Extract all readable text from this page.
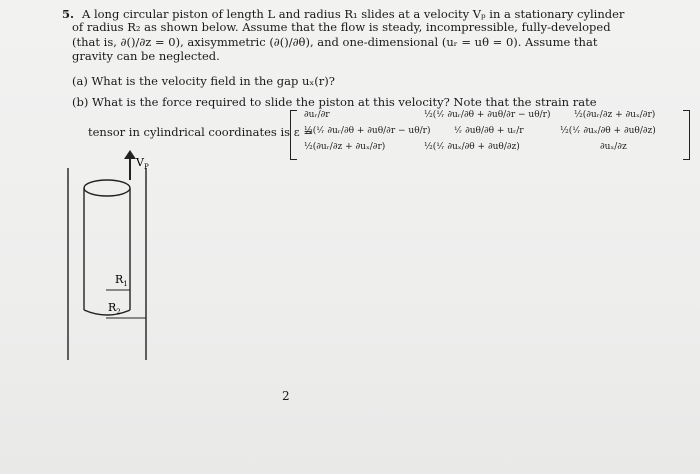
5. A long circular piston of length L and radius R₁ slides at a velocity Vₚ in a stationary cylinder
of radius R₂ as shown below. Assume that the flow is steady, incompressible, fully-developed
(that is, ∂()/∂z = 0), axisymmetric (∂()/∂θ), and one-dimensional (uᵣ = uθ = 0). Assume that
gravity can be neglected.
(a) What is the velocity field in the gap uₓ(r)?
(b) What is the force required to slide the piston at this velocity? Note that the strain rate
tensor in cylindrical coordinates is ε =
∂uᵣ/∂r	½(¹⁄ᵣ ∂uᵣ/∂θ + ∂uθ/∂r − uθ/r)	½(∂uᵣ/∂z + ∂uₓ/∂r)
½(¹⁄ᵣ ∂uᵣ/∂θ + ∂uθ/∂r − uθ/r)	¹⁄ᵣ ∂uθ/∂θ + uᵣ/r	½(¹⁄ᵣ ∂uₓ/∂θ + ∂uθ/∂z)
½(∂uᵣ/∂z + ∂uₓ/∂r)	½(¹⁄ᵣ ∂uₓ/∂θ + ∂uθ/∂z)	∂uₓ/∂z
$V_P$
$R_1$
$R_2$
2
